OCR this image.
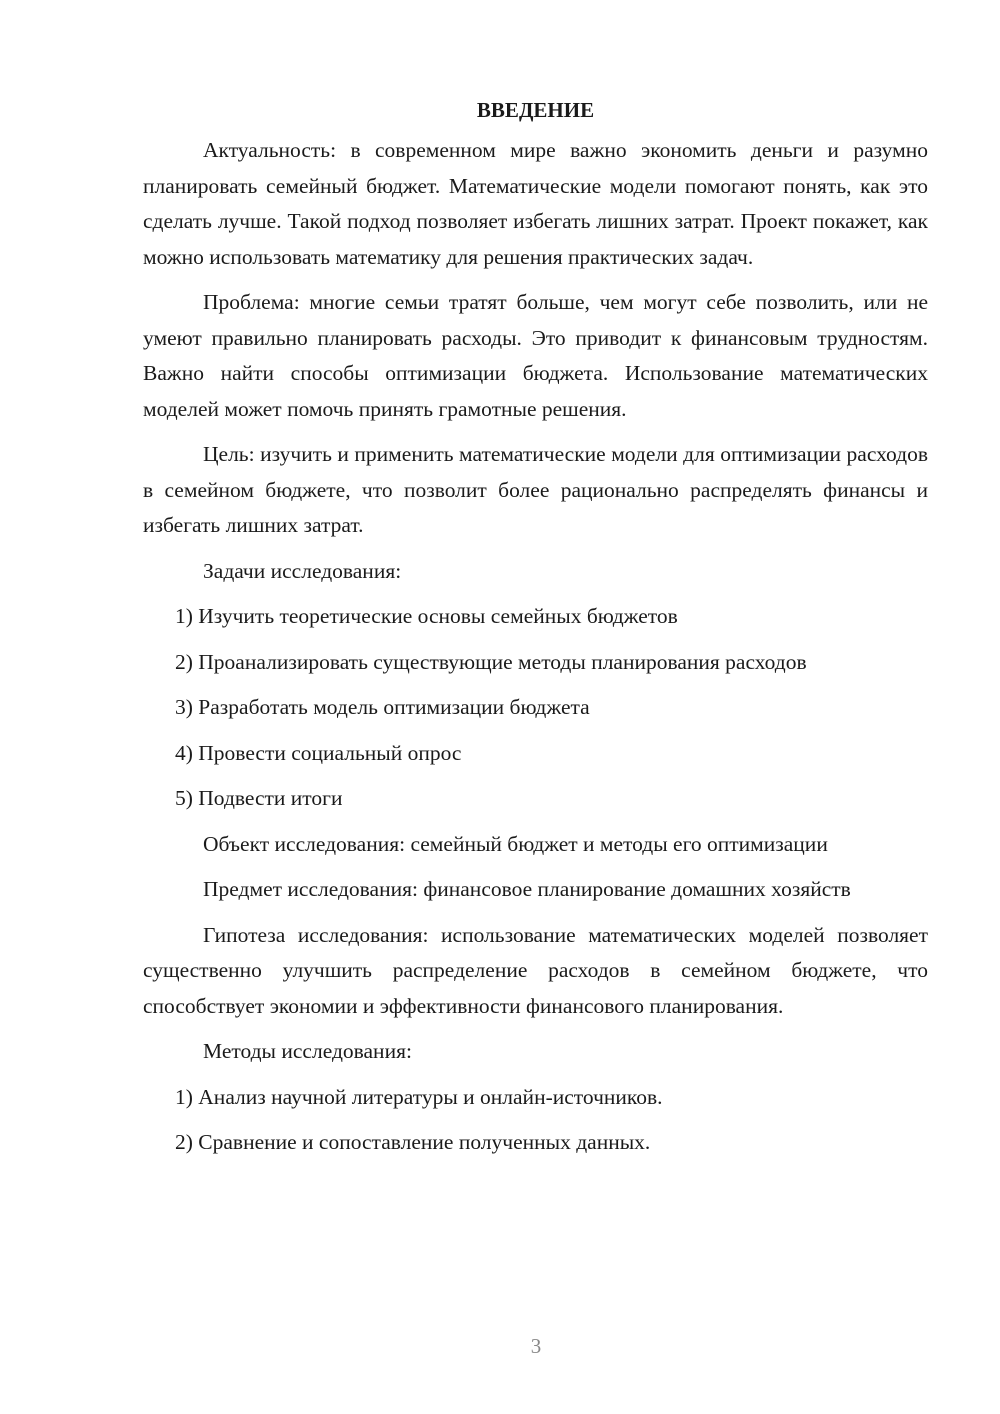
ВВЕДЕНИЕ

Актуальность: в современном мире важно экономить деньги и разумно планировать семейный бюджет. Математические модели помогают понять, как это сделать лучше. Такой подход позволяет избегать лишних затрат. Проект покажет, как можно использовать математику для решения практических задач.

Проблема: многие семьи тратят больше, чем могут себе позволить, или не умеют правильно планировать расходы. Это приводит к финансовым трудностям. Важно найти способы оптимизации бюджета. Использование математических моделей может помочь принять грамотные решения.

Цель: изучить и применить математические модели для оптимизации расходов в семейном бюджете, что позволит более рационально распределять финансы и избегать лишних затрат.

Задачи исследования:

1) Изучить теоретические основы семейных бюджетов

2) Проанализировать существующие методы планирования расходов

3) Разработать модель оптимизации бюджета

4) Провести социальный опрос

5) Подвести итоги

Объект исследования: семейный бюджет и методы его оптимизации

Предмет исследования: финансовое планирование домашних хозяйств

Гипотеза исследования: использование математических моделей позволяет существенно улучшить распределение расходов в семейном бюджете, что способствует экономии и эффективности финансового планирования.

Методы исследования:

1) Анализ научной литературы и онлайн-источников.

2) Сравнение и сопоставление полученных данных.

3
